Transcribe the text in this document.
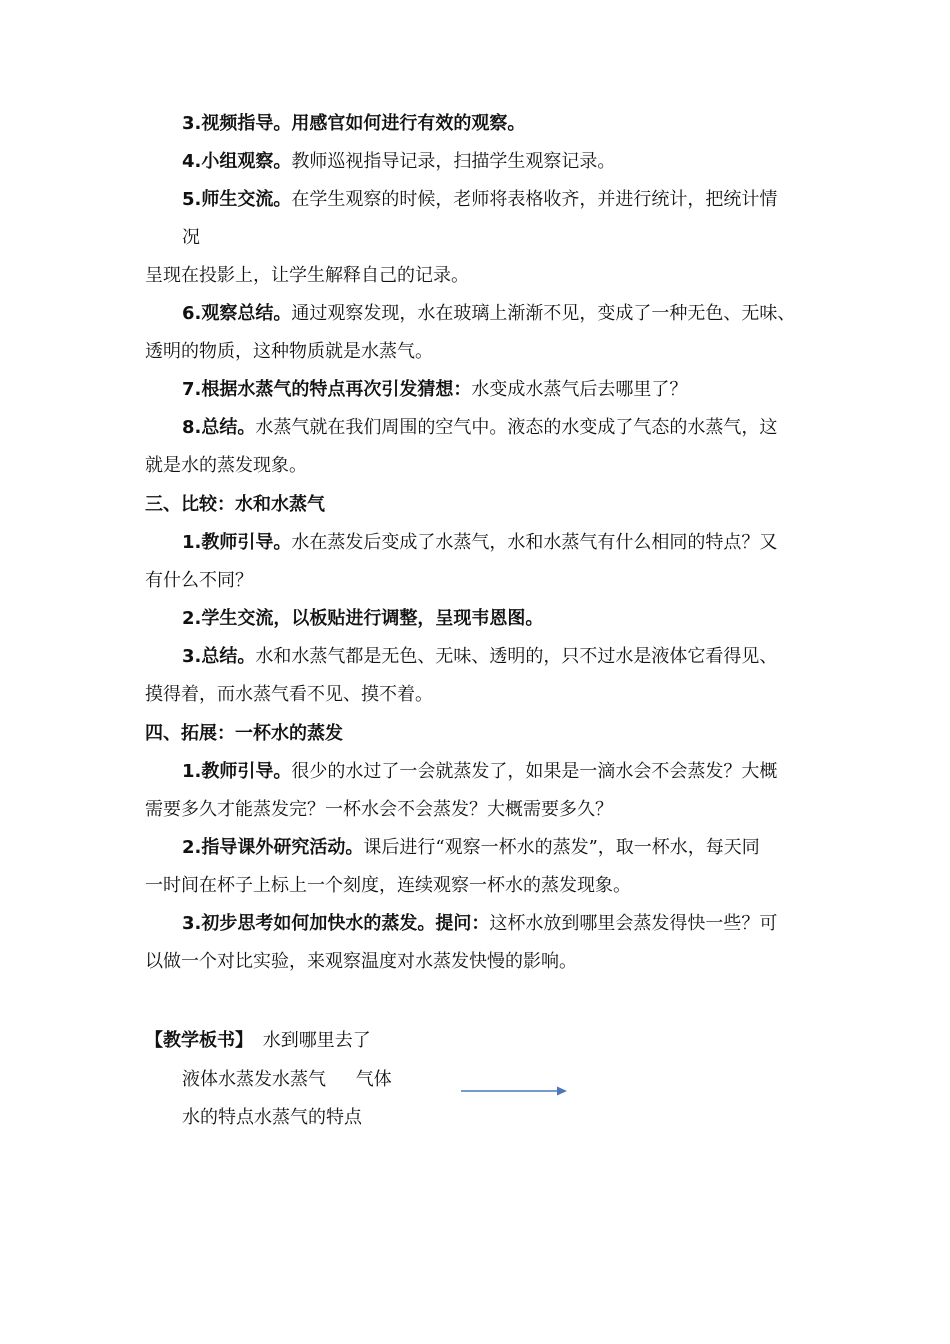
3.视频指导。用感官如何进行有效的观察。
4.小组观察。教师巡视指导记录，扫描学生观察记录。
5.师生交流。在学生观察的时候，老师将表格收齐，并进行统计，把统计情
况
呈现在投影上，让学生解释自己的记录。
6.观察总结。通过观察发现，水在玻璃上渐渐不见，变成了一种无色、无味、
透明的物质，这种物质就是水蒸气。
7.根据水蒸气的特点再次引发猜想：水变成水蒸气后去哪里了？
8.总结。水蒸气就在我们周围的空气中。液态的水变成了气态的水蒸气，这
就是水的蒸发现象。
三、比较：水和水蒸气
1.教师引导。水在蒸发后变成了水蒸气，水和水蒸气有什么相同的特点？又
有什么不同？
2.学生交流，以板贴进行调整，呈现韦恩图。
3.总结。水和水蒸气都是无色、无味、透明的，只不过水是液体它看得见、
摸得着，而水蒸气看不见、摸不着。
四、拓展：一杯水的蒸发
1.教师引导。很少的水过了一会就蒸发了，如果是一滴水会不会蒸发？大概
需要多久才能蒸发完？一杯水会不会蒸发？大概需要多久？
2.指导课外研究活动。课后进行“观察一杯水的蒸发”，取一杯水，每天同
一时间在杯子上标上一个刻度，连续观察一杯水的蒸发现象。
3.初步思考如何加快水的蒸发。提问：这杯水放到哪里会蒸发得快一些？可
以做一个对比实验，来观察温度对水蒸发快慢的影响。
【教学板书】 水到哪里去了
液体水蒸发水蒸气 气体
水的特点水蒸气的特点
